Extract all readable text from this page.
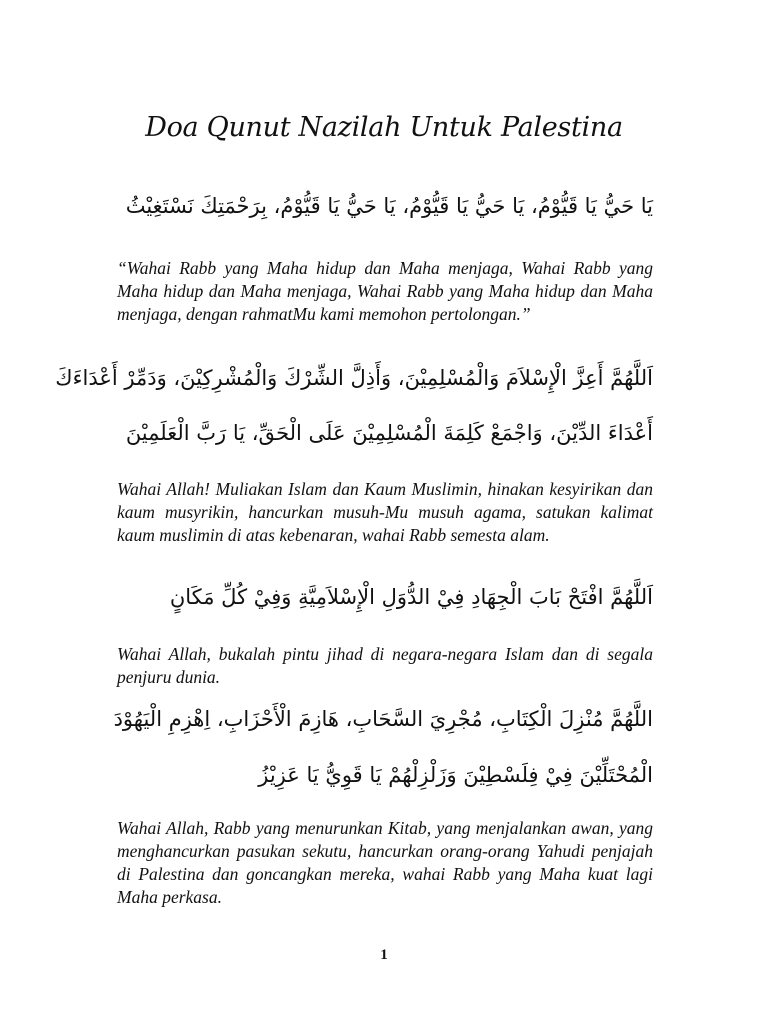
Doa Qunut Nazilah Untuk Palestina
يَا حَيُّ يَا قَيُّوْمُ، يَا حَيُّ يَا قَيُّوْمُ، يَا حَيُّ يَا قَيُّوْمُ، بِرَحْمَتِكَ نَسْتَغِيْثُ

“Wahai Rabb yang Maha hidup dan Maha menjaga, Wahai Rabb yang Maha hidup dan Maha menjaga, Wahai Rabb yang Maha hidup dan Maha menjaga, dengan rahmatMu kami memohon pertolongan.”

اَللَّهُمَّ أَعِزَّ الْإِسْلاَمَ وَالْمُسْلِمِيْنَ، وَأَذِلَّ الشِّرْكَ وَالْمُشْرِكِيْنَ، وَدَمِّرْ أَعْدَاءَكَ
أَعْدَاءَ الدِّيْنَ، وَاجْمَعْ كَلِمَةَ الْمُسْلِمِيْنَ عَلَى الْحَقِّ، يَا رَبَّ الْعَلَمِيْنَ

Wahai Allah! Muliakan Islam dan Kaum Muslimin, hinakan kesyirikan dan kaum musyrikin, hancurkan musuh-Mu musuh agama, satukan kalimat kaum muslimin di atas kebenaran, wahai Rabb semesta alam.

اَللَّهُمَّ افْتَحْ بَابَ الْجِهَادِ فِيْ الدُّوَلِ الْإِسْلاَمِيَّةِ وَفِيْ كُلِّ مَكَانٍ

Wahai Allah, bukalah pintu jihad di negara-negara Islam dan di segala penjuru dunia.

اللَّهُمَّ مُنْزِلَ الْكِتَابِ، مُجْرِيَ السَّحَابِ، هَازِمَ الْأَحْزَابِ، اِهْزِمِ الْيَهُوْدَ
الْمُحْتَلِّيْنَ فِيْ فِلَسْطِيْنَ وَزَلْزِلْهُمْ يَا قَوِيُّ يَا عَزِيْزُ

Wahai Allah, Rabb yang menurunkan Kitab, yang menjalankan awan, yang menghancurkan pasukan sekutu, hancurkan orang-orang Yahudi penjajah di Palestina dan goncangkan mereka, wahai Rabb yang Maha kuat lagi Maha perkasa.

1
